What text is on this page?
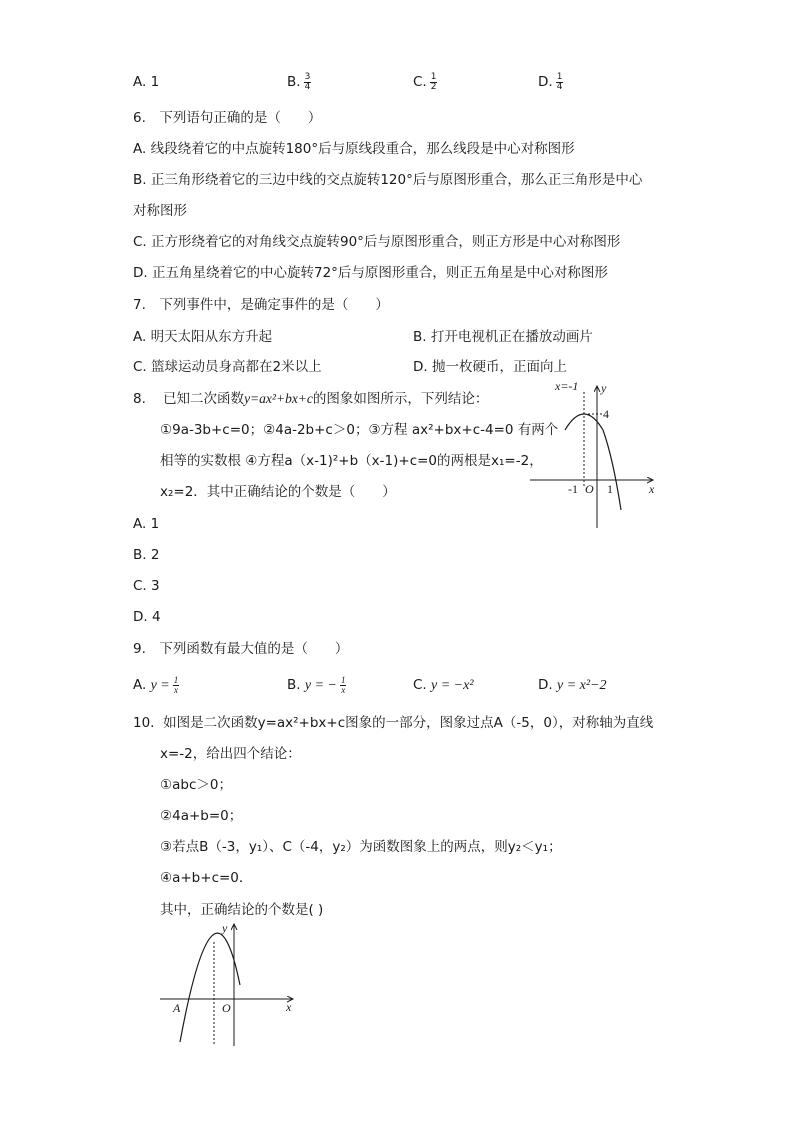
A. 1	B. $\frac{3}{4}$	C. $\frac{1}{2}$	D. $\frac{1}{4}$
6.　下列语句正确的是（　　）
A. 线段绕着它的中点旋转180°后与原线段重合，那么线段是中心对称图形
B. 正三角形绕着它的三边中线的交点旋转120°后与原图形重合，那么正三角形是中心
对称图形
C. 正方形绕着它的对角线交点旋转90°后与原图形重合，则正方形是中心对称图形
D. 正五角星绕着它的中心旋转72°后与原图形重合，则正五角星是中心对称图形
7.　下列事件中，是确定事件的是（　　）
A. 明天太阳从东方升起	B. 打开电视机正在播放动画片
C. 篮球运动员身高都在2米以上	D. 抛一枚硬币，正面向上
8. 已知二次函数y=ax²+bx+c的图象如图所示，下列结论：
①9a-3b+c=0；②4a-2b+c＞0；③方程 ax²+bx+c-4=0 有两个
相等的实数根 ④方程a（x-1)²+b（x-1)+c=0的两根是x₁=-2，
x₂=2．其中正确结论的个数是（　　）
A. 1
B. 2
C. 3
D. 4
x=-1 y
4
-1 O 1	x
9.　下列函数有最大值的是（　　）
A. $y = \frac{1}{x}$	B. y = − $\frac{1}{x}$	C. y = −x²	D. y = x²−2
10. 如图是二次函数y=ax²+bx+c图象的一部分，图象过点A（-5，0），对称轴为直线
x=-2，给出四个结论：
①abc＞0；
②4a+b=0；
③若点B（-3，y₁）、C（-4，y₂）为函数图象上的两点，则y₂＜y₁；
④a+b+c=0．
其中，正确结论的个数是( )
y
A	O	x
